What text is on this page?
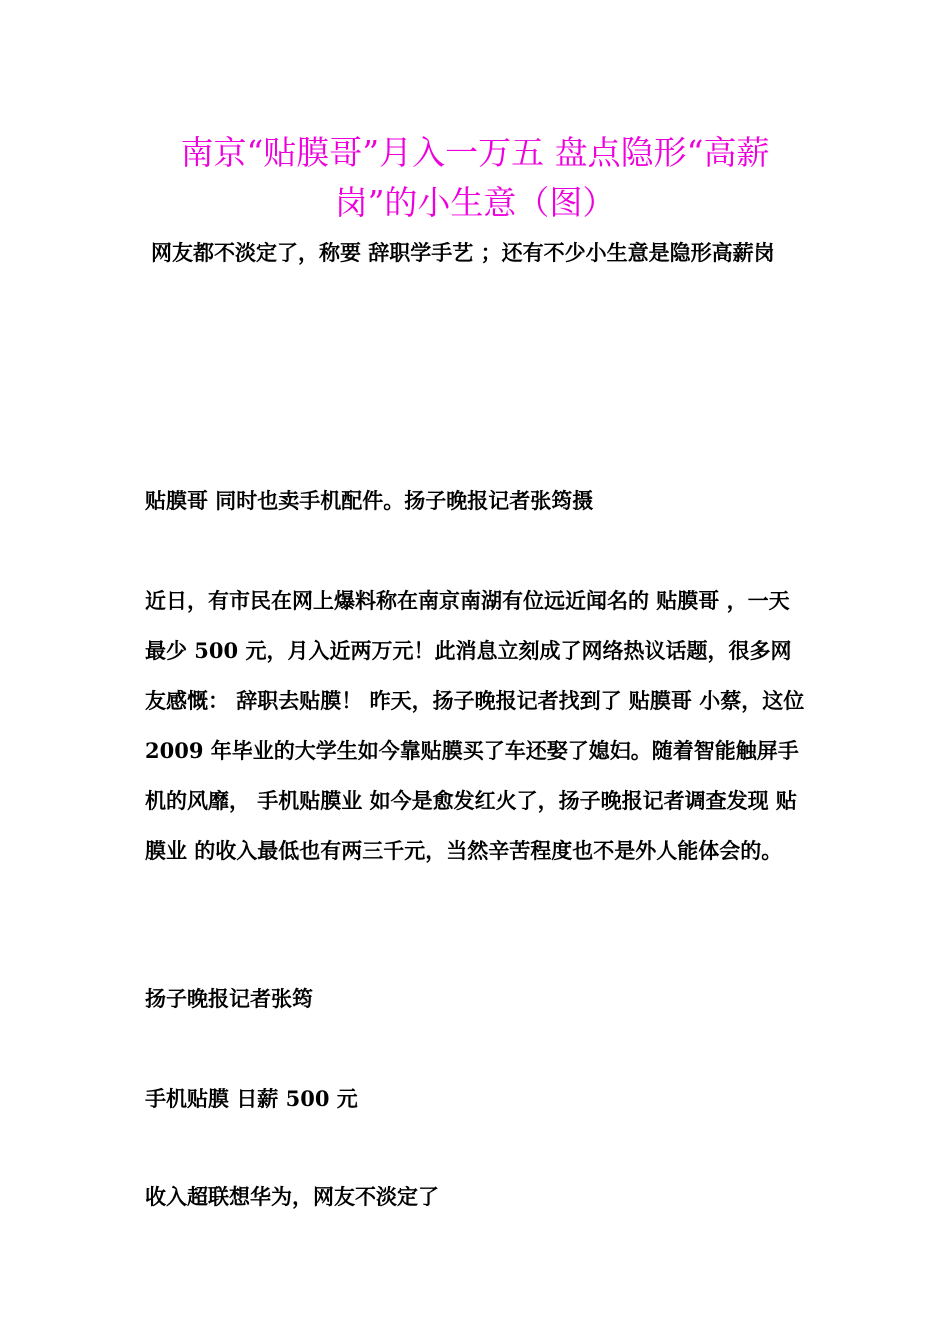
南京“贴膜哥”月入一万五 盘点隐形“高薪岗”的小生意（图）

网友都不淡定了，称要 辞职学手艺 ；还有不少小生意是隐形高薪岗

贴膜哥 同时也卖手机配件。扬子晚报记者张筠摄

近日，有市民在网上爆料称在南京南湖有位远近闻名的 贴膜哥 ，一天最少 500 元，月入近两万元！此消息立刻成了网络热议话题，很多网友感慨： 辞职去贴膜！ 昨天，扬子晚报记者找到了 贴膜哥 小蔡，这位 2009 年毕业的大学生如今靠贴膜买了车还娶了媳妇。随着智能触屏手机的风靡， 手机贴膜业 如今是愈发红火了，扬子晚报记者调查发现 贴膜业 的收入最低也有两三千元，当然辛苦程度也不是外人能体会的。

扬子晚报记者张筠

手机贴膜 日薪 500 元

收入超联想华为，网友不淡定了
